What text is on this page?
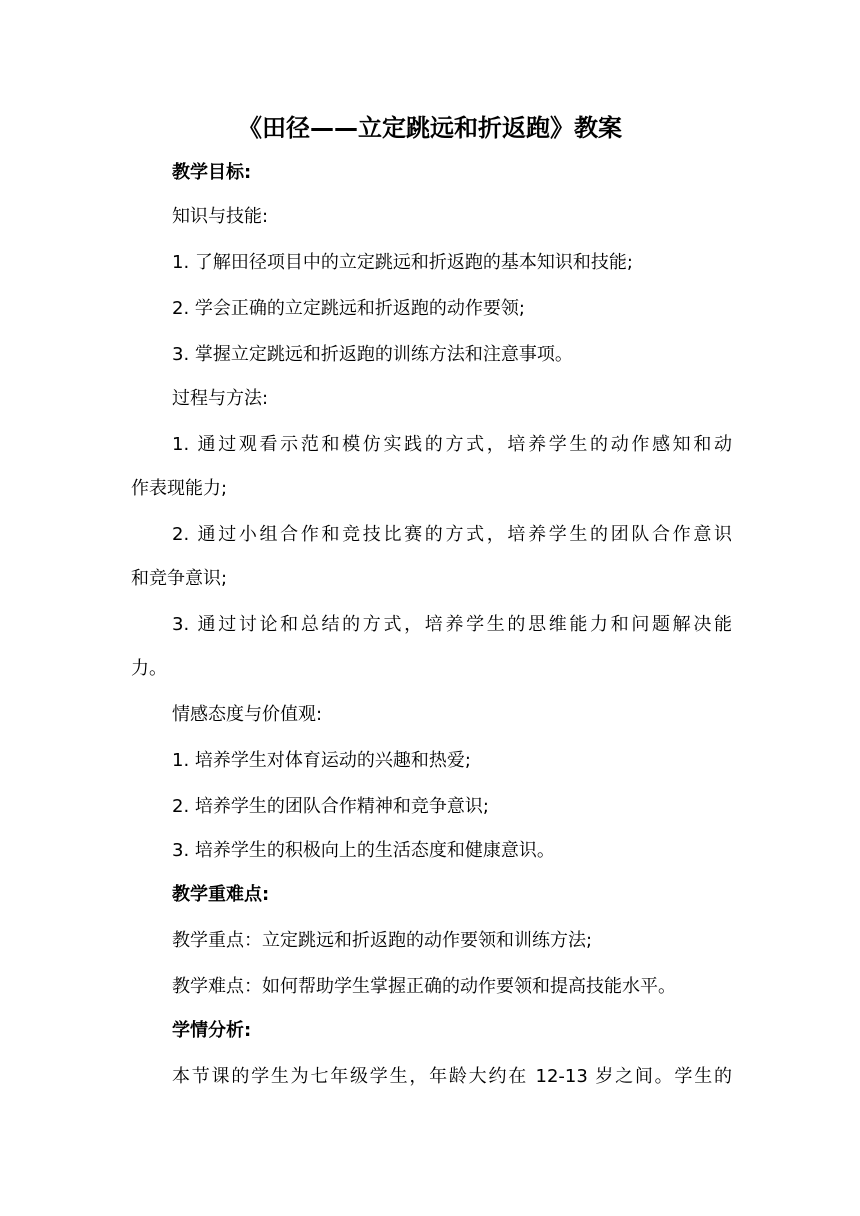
《田径——立定跳远和折返跑》教案
教学目标:
知识与技能:
1. 了解田径项目中的立定跳远和折返跑的基本知识和技能;
2. 学会正确的立定跳远和折返跑的动作要领;
3. 掌握立定跳远和折返跑的训练方法和注意事项。
过程与方法:
1. 通过观看示范和模仿实践的方式，培养学生的动作感知和动
作表现能力;
2. 通过小组合作和竞技比赛的方式，培养学生的团队合作意识
和竞争意识;
3. 通过讨论和总结的方式，培养学生的思维能力和问题解决能
力。
情感态度与价值观:
1. 培养学生对体育运动的兴趣和热爱;
2. 培养学生的团队合作精神和竞争意识;
3. 培养学生的积极向上的生活态度和健康意识。
教学重难点:
教学重点：立定跳远和折返跑的动作要领和训练方法;
教学难点：如何帮助学生掌握正确的动作要领和提高技能水平。
学情分析:
本节课的学生为七年级学生，年龄大约在 12-13 岁之间。学生的
